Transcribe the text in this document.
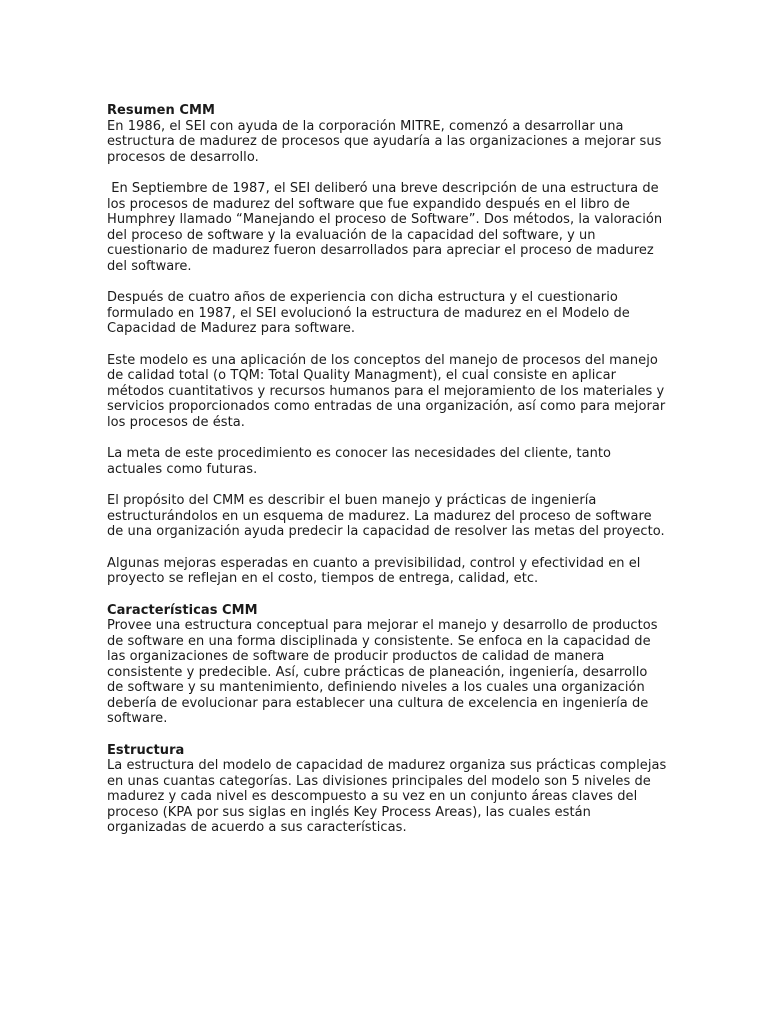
Resumen CMM

En 1986, el SEI con ayuda de la corporación MITRE, comenzó a desarrollar una estructura de madurez de procesos que ayudaría a las organizaciones a mejorar sus procesos de desarrollo.

En Septiembre de 1987, el SEI deliberó una breve descripción de una estructura de los procesos de madurez del software que fue expandido después en el libro de Humphrey llamado “Manejando el proceso de Software”. Dos métodos, la valoración del proceso de software y la evaluación de la capacidad del software, y un cuestionario de madurez fueron desarrollados para apreciar el proceso de madurez del software.

Después de cuatro años de experiencia con dicha estructura y el cuestionario formulado en 1987, el SEI evolucionó la estructura de madurez en el Modelo de Capacidad de Madurez para software.

Este modelo es una aplicación de los conceptos del manejo de procesos del manejo de calidad total (o TQM: Total Quality Managment), el cual consiste en aplicar métodos cuantitativos y recursos humanos para el mejoramiento de los materiales y servicios proporcionados como entradas de una organización, así como para mejorar los procesos de ésta.

La meta de este procedimiento es conocer las necesidades del cliente, tanto actuales como futuras.

El propósito del CMM es describir el buen manejo y prácticas de ingeniería estructurándolos en un esquema de madurez. La madurez del proceso de software de una organización ayuda predecir la capacidad de resolver las metas del proyecto.

Algunas mejoras esperadas en cuanto a previsibilidad, control y efectividad en el proyecto se reflejan en el costo, tiempos de entrega, calidad, etc.

Características CMM

Provee una estructura conceptual para mejorar el manejo y desarrollo de productos de software en una forma disciplinada y consistente. Se enfoca en la capacidad de las organizaciones de software de producir productos de calidad de manera consistente y predecible. Así, cubre prácticas de planeación, ingeniería, desarrollo de software y su mantenimiento, definiendo niveles a los cuales una organización debería de evolucionar para establecer una cultura de excelencia en ingeniería de software.

Estructura

La estructura del modelo de capacidad de madurez organiza sus prácticas complejas en unas cuantas categorías. Las divisiones principales del modelo son 5 niveles de madurez y cada nivel es descompuesto a su vez en un conjunto áreas claves del proceso (KPA por sus siglas en inglés Key Process Areas), las cuales están organizadas de acuerdo a sus características.
